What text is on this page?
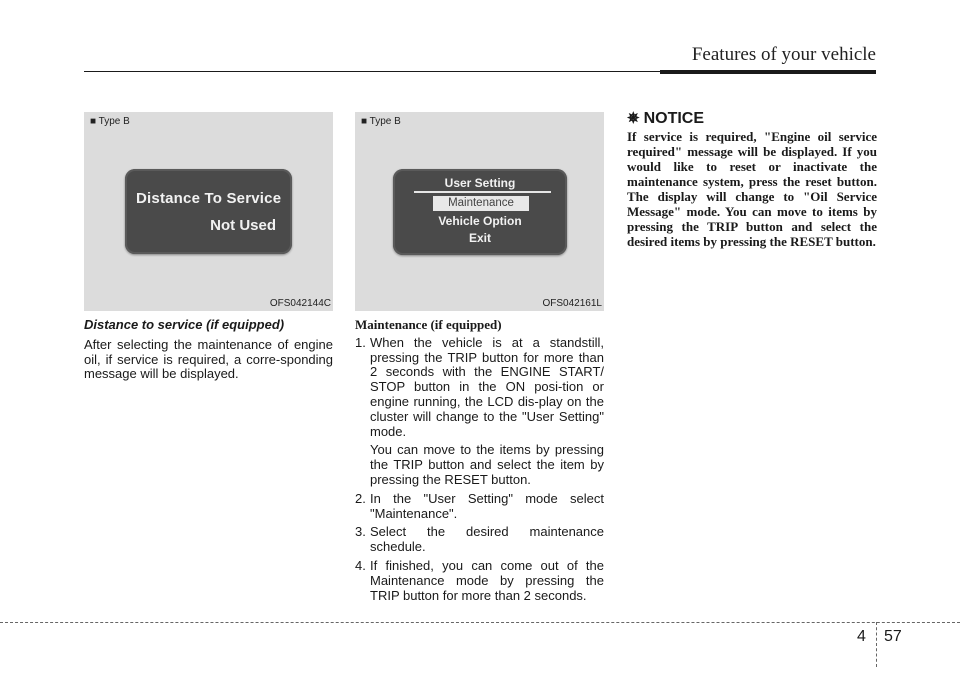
Features of your vehicle
■ Type B
Distance To Service
Not Used
OFS042144C
■ Type B
User Setting
Maintenance
Vehicle Option
Exit
OFS042161L
Distance to service (if equipped)
After selecting the maintenance of engine oil, if service is required, a corre-sponding message will be displayed.
Maintenance (if equipped)
1. When the vehicle is at a standstill, pressing the TRIP button for more than 2 seconds with the ENGINE START/ STOP button in the ON posi-tion or engine running, the LCD dis-play on the cluster will change to the "User Setting" mode.
You can move to the items by pressing the TRIP button and select the item by pressing the RESET button.
2. In the "User Setting" mode select "Maintenance".
3. Select the desired maintenance schedule.
4. If finished, you can come out of the Maintenance mode by pressing the TRIP button for more than 2 seconds.
✵ NOTICE
If service is required, "Engine oil service required" message will be displayed. If you would like to reset or inactivate the maintenance system, press the reset button. The display will change to "Oil Service Message" mode. You can move to items by pressing the TRIP button and select the desired items by pressing the RESET button.
4 57
